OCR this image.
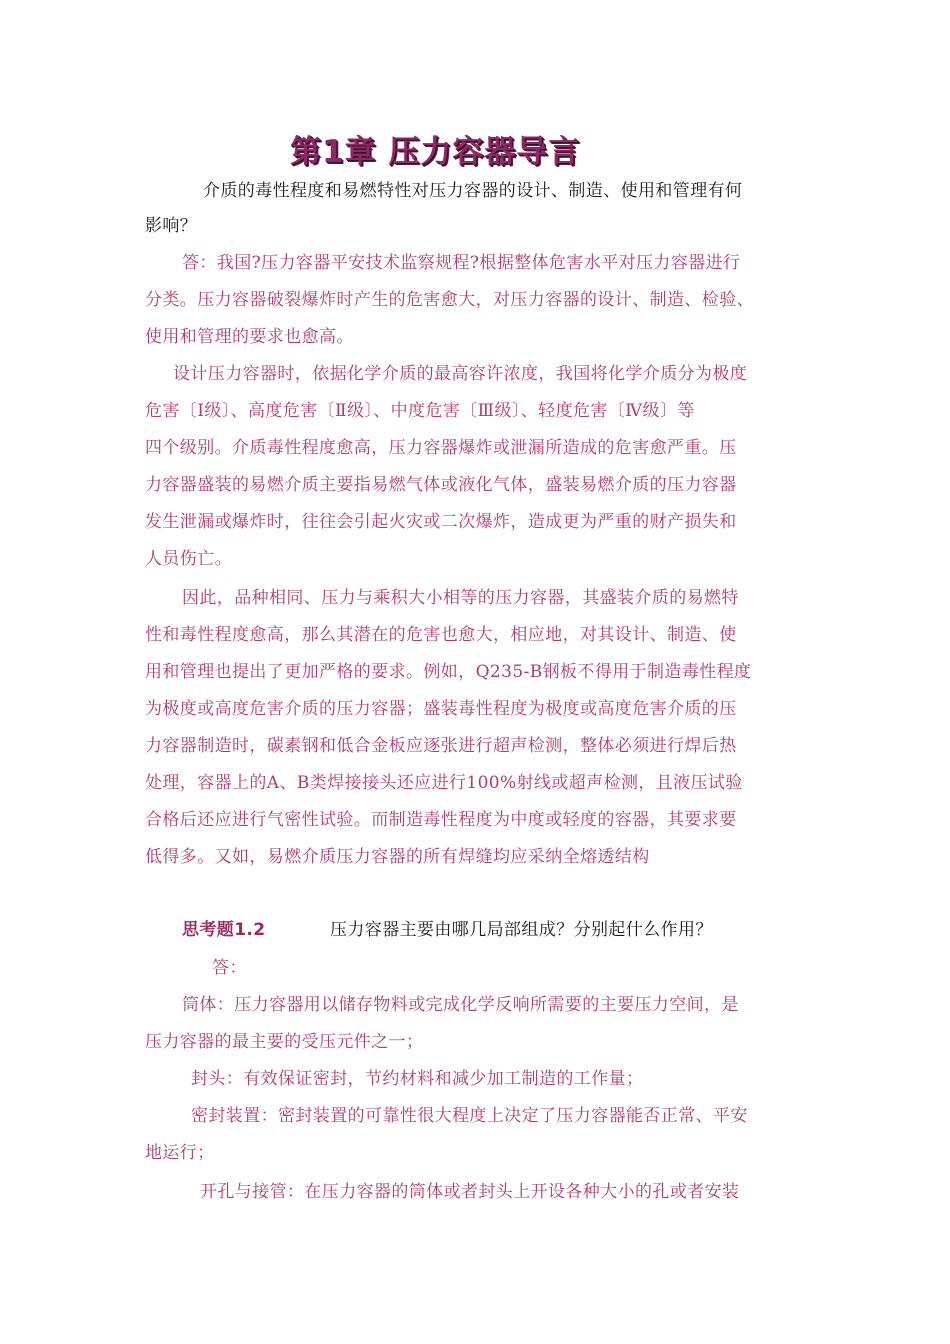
第1章 压力容器导言
介质的毒性程度和易燃特性对压力容器的设计、制造、使用和管理有何
影响？
答：我国?压力容器平安技术监察规程?根据整体危害水平对压力容器进行
分类。压力容器破裂爆炸时产生的危害愈大，对压力容器的设计、制造、检验、
使用和管理的要求也愈高。
设计压力容器时，依据化学介质的最高容许浓度，我国将化学介质分为极度
危害〔Ⅰ级〕、高度危害〔Ⅱ级〕、中度危害〔Ⅲ级〕、轻度危害〔Ⅳ级〕等
四个级别。介质毒性程度愈高，压力容器爆炸或泄漏所造成的危害愈严重。压
力容器盛装的易燃介质主要指易燃气体或液化气体，盛装易燃介质的压力容器
发生泄漏或爆炸时，往往会引起火灾或二次爆炸，造成更为严重的财产损失和
人员伤亡。
因此，品种相同、压力与乘积大小相等的压力容器，其盛装介质的易燃特
性和毒性程度愈高，那么其潜在的危害也愈大，相应地，对其设计、制造、使
用和管理也提出了更加严格的要求。例如，Q235-B钢板不得用于制造毒性程度
为极度或高度危害介质的压力容器；盛装毒性程度为极度或高度危害介质的压
力容器制造时，碳素钢和低合金板应逐张进行超声检测，整体必须进行焊后热
处理，容器上的A、B类焊接接头还应进行100%射线或超声检测，且液压试验
合格后还应进行气密性试验。而制造毒性程度为中度或轻度的容器，其要求要
低得多。又如，易燃介质压力容器的所有焊缝均应采纳全熔透结构
思考题1.2	压力容器主要由哪几局部组成？分别起什么作用？
答：
筒体：压力容器用以储存物料或完成化学反响所需要的主要压力空间，是
压力容器的最主要的受压元件之一；
封头：有效保证密封，节约材料和减少加工制造的工作量；
密封装置：密封装置的可靠性很大程度上决定了压力容器能否正常、平安
地运行；
开孔与接管：在压力容器的筒体或者封头上开设各种大小的孔或者安装
